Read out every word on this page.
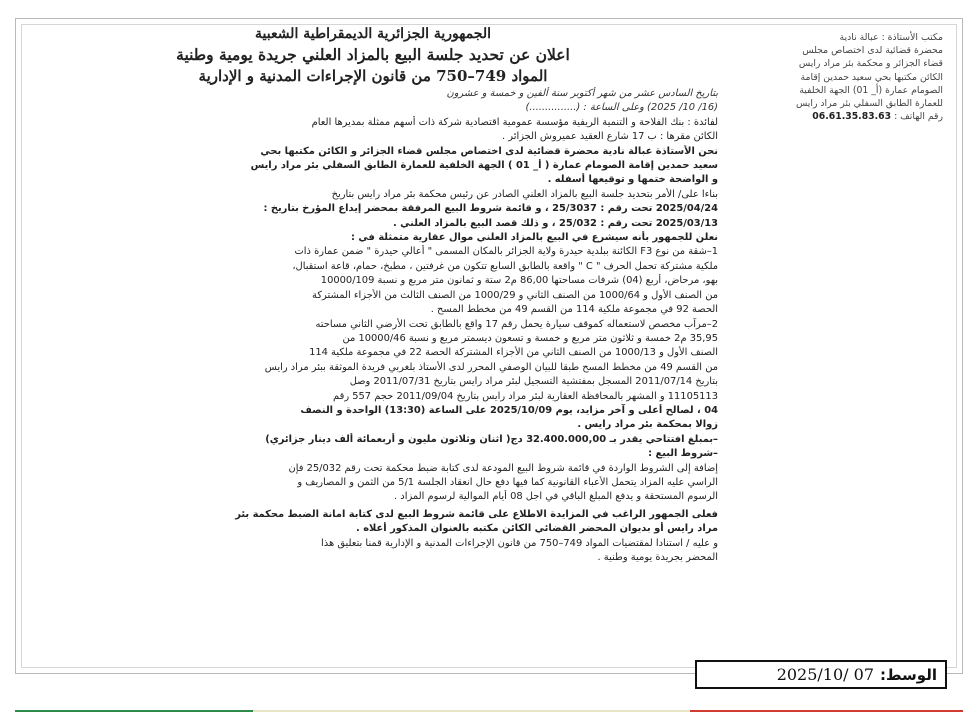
مكتب الأستاذة : عبالة نادية
محضرة قضائية لدى اختصاص مجلس
قضاء الجزائر و محكمة بئر مراد رايس
الكائن مكتبها بحي سعيد حمدين إقامة
الصومام عمارة (أ_ 01) الجهة الخلفية
للعمارة الطابق السفلي بئر مراد رايس
رقم الهاتف : 06.61.35.83.63
الجمهورية الجزائرية الديمقراطية الشعبية
اعلان عن تحديد جلسة البيع بالمزاد العلني جريدة يومية وطنية
المواد 749–750 من قانون الإجراءات المدنية و الإدارية

بتاريخ السادس عشر من شهر أكتوبر سنة ألفين و خمسة و عشرون

(16/ 10/ 2025) وعلى الساعة : (...............)

لفائدة : بنك الفلاحة و التنمية الريفية مؤسسة عمومية اقتصادية شركة ذات أسهم ممثلة بمديرها العام

الكائن مقرها : ب 17 شارع العقيد عميروش الجزائر .

نحن الأستاذة عبالة نادية محضرة قضائية لدى اختصاص مجلس قضاء الجزائر و الكائن مكتبها بحي

سعيد حمدين إقامة الصومام عمارة ( أ_ 01 ) الجهة الخلفية للعمارة الطابق السفلي بئر مراد رايس

و الواضحة ختمها و توقيعها أسفله .

بناءا على/ الأمر بتحديد جلسة البيع بالمزاد العلني الصادر عن رئيس محكمة بئر مراد رايس بتاريخ

2025/04/24 تحت رقم : 25/3037 ، و قائمة شروط البيع المرفقة بمحضر إيداع المؤرخ بتاريخ :

2025/03/13 تحت رقم : 25/032 ، و ذلك قصد البيع بالمزاد العلني .

نعلن للجمهور بأنه سيشرع في البيع بالمزاد العلني موال عقارية متمثلة في :

1–شقة من نوع F3 الكائنة ببلدية حيدرة ولاية الجزائر بالمكان المسمى " أعالي حيدرة " ضمن عمارة ذات

ملكية مشتركة تحمل الحرف " C " واقعة بالطابق السابع تتكون من غرفتين ، مطبخ، حمام، قاعة استقبال،

بهو، مرحاض، أربع (04) شرفات مساحتها 86,00 م2 ستة و ثمانون متر مربع و نسبة 10000/109

من الصنف الأول و 1000/64 من الصنف الثاني و 1000/29 من الصنف الثالث من الأجزاء المشتركة

الحصة 92 في مجموعة ملكية 114 من القسم 49 من مخطط المسح .

2–مرآب مخصص لاستعماله كموقف سيارة يحمل رقم 17 واقع بالطابق تحت الأرضي الثاني مساحته

35,95 م2 خمسة و ثلاثون متر مربع و خمسة و تسعون ديسمتر مربع و نسبة 10000/46 من

الصنف الأول و 1000/13 من الصنف الثاني من الأجزاء المشتركة الحصة 22 في مجموعة ملكية 114

من القسم 49 من مخطط المسح طبقا للبيان الوصفي المحرر لدى الأستاذ بلغربي فريدة الموثقة ببئر مراد رايس

بتاريخ 2011/07/14 المسجل بمفتشية التسجيل لبئر مراد رايس بتاريخ 2011/07/31 وصل

11105113 و المشهر بالمحافظة العقارية لبئر مراد رايس بتاريخ 2011/09/04 حجم 557 رقم

04 ، لصالح أعلى و آخر مزايد، يوم 2025/10/09 على الساعة (13:30) الواحدة و النصف

زوالا بمحكمة بئر مراد رايس .

–بمبلغ افتتاحي يقدر بـ 32.400.000,00 دج( اثنان وثلاثون مليون و أربعمائة ألف دينار جزائري)

–شروط البيع :

إضافة إلى الشروط الواردة في قائمة شروط البيع المودعة لدى كتابة ضبط محكمة تحت رقم 25/032 فإن

الراسي عليه المزاد يتحمل الأعباء القانونية كما فيها دفع حال انعقاد الجلسة 5/1 من الثمن و المصاريف و

الرسوم المستحقة و يدفع المبلغ الباقي في اجل 08 أيام الموالية لرسوم المزاد .

فعلى الجمهور الراغب في المزايدة الاطلاع على قائمة شروط البيع لدى كتابة امانة الضبط محكمة بئر

مراد رايس أو بديوان المحضر القضائي الكائن مكتبه بالعنوان المذكور أعلاه .

و عليه / استنادا لمقتضيات المواد 749–750 من قانون الإجراءات المدنية و الإدارية قمنا بتعليق هذا

المحضر بجريدة يومية وطنية .

الوسط:
2025/10/ 07
